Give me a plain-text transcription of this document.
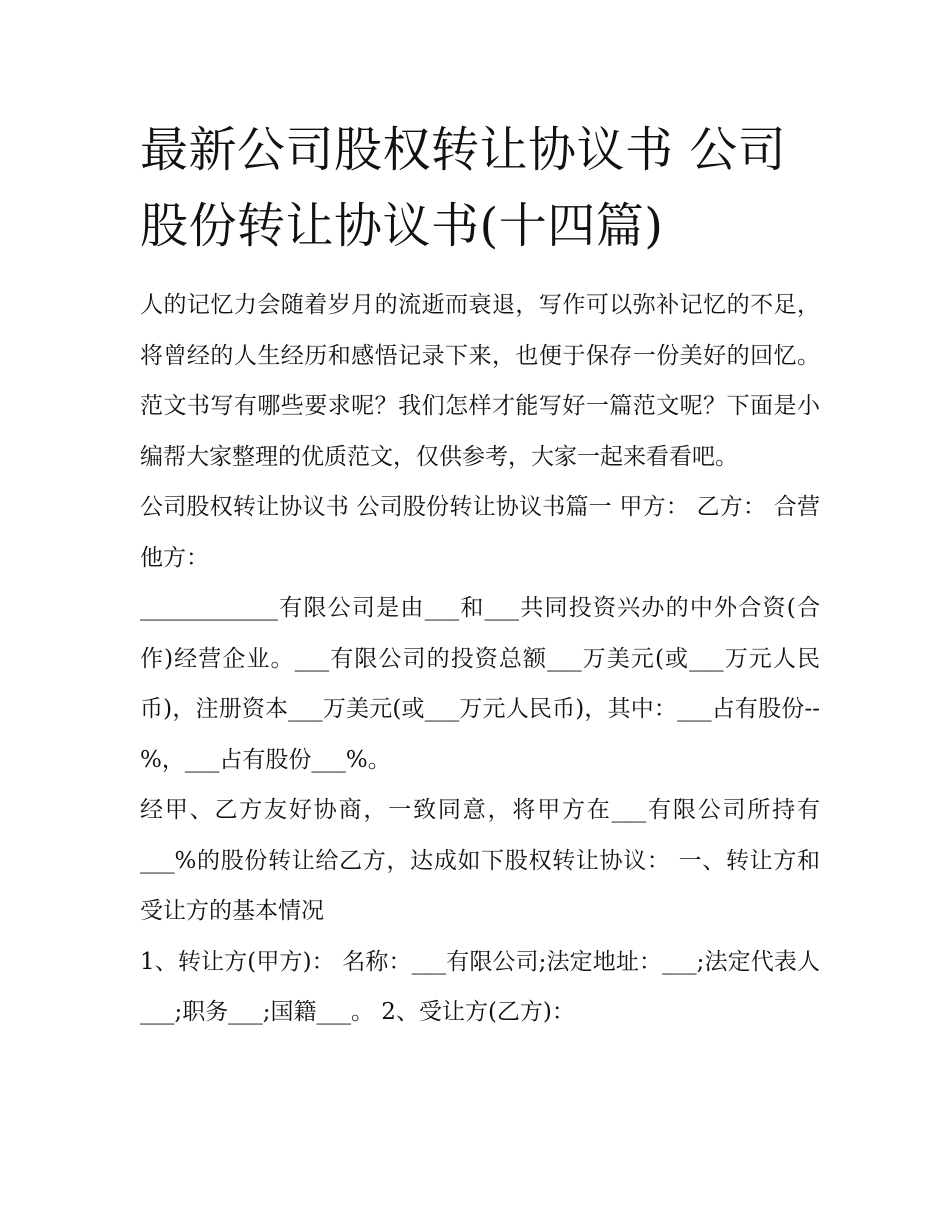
最新公司股权转让协议书 公司股份转让协议书(十四篇)

人的记忆力会随着岁月的流逝而衰退，写作可以弥补记忆的不足，将曾经的人生经历和感悟记录下来，也便于保存一份美好的回忆。范文书写有哪些要求呢？我们怎样才能写好一篇范文呢？下面是小编帮大家整理的优质范文，仅供参考，大家一起来看看吧。

公司股权转让协议书 公司股份转让协议书篇一 甲方： 乙方： 合营他方：

____________有限公司是由___和___共同投资兴办的中外合资(合作)经营企业。___有限公司的投资总额___万美元(或___万元人民币)，注册资本___万美元(或___万元人民币)，其中：___占有股份--%，___占有股份___%。

经甲、乙方友好协商，一致同意，将甲方在___有限公司所持有___%的股份转让给乙方，达成如下股权转让协议： 一、转让方和受让方的基本情况

1、转让方(甲方)： 名称：___有限公司;法定地址：___;法定代表人___;职务___;国籍___。 2、受让方(乙方)：
